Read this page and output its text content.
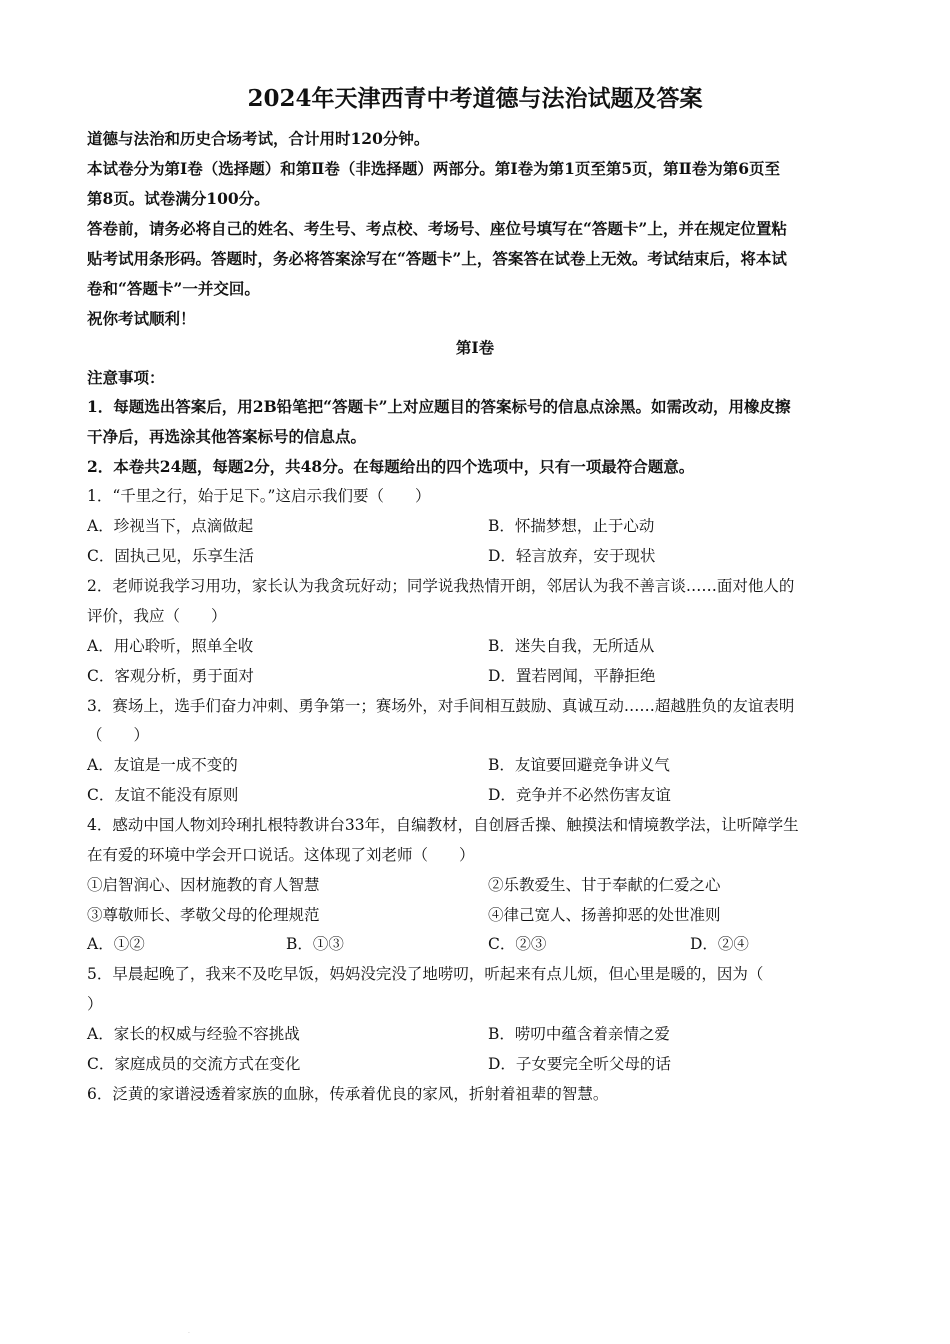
2024年天津西青中考道德与法治试题及答案
道德与法治和历史合场考试，合计用时120分钟。
本试卷分为第Ⅰ卷（选择题）和第Ⅱ卷（非选择题）两部分。第Ⅰ卷为第1页至第5页，第Ⅱ卷为第6页至
第8页。试卷满分100分。
答卷前，请务必将自己的姓名、考生号、考点校、考场号、座位号填写在“答题卡”上，并在规定位置粘
贴考试用条形码。答题时，务必将答案涂写在“答题卡”上，答案答在试卷上无效。考试结束后，将本试
卷和“答题卡”一并交回。
祝你考试顺利！
第Ⅰ卷
注意事项：
1．每题选出答案后，用2B铅笔把“答题卡”上对应题目的答案标号的信息点涂黑。如需改动，用橡皮擦
干净后，再选涂其他答案标号的信息点。
2．本卷共24题，每题2分，共48分。在每题给出的四个选项中，只有一项最符合题意。
1．“千里之行，始于足下。”这启示我们要（　　）
A．珍视当下，点滴做起	B．怀揣梦想，止于心动
C．固执己见，乐享生活	D．轻言放弃，安于现状
2．老师说我学习用功，家长认为我贪玩好动；同学说我热情开朗，邻居认为我不善言谈……面对他人的
评价，我应（　　）
A．用心聆听，照单全收	B．迷失自我，无所适从
C．客观分析，勇于面对	D．置若罔闻，平静拒绝
3．赛场上，选手们奋力冲刺、勇争第一；赛场外，对手间相互鼓励、真诚互动……超越胜负的友谊表明
（　　）
A．友谊是一成不变的	B．友谊要回避竞争讲义气
C．友谊不能没有原则	D．竞争并不必然伤害友谊
4．感动中国人物刘玲琍扎根特教讲台33年，自编教材，自创唇舌操、触摸法和情境教学法，让听障学生
在有爱的环境中学会开口说话。这体现了刘老师（　　）
①启智润心、因材施教的育人智慧	②乐教爱生、甘于奉献的仁爱之心
③尊敬师长、孝敬父母的伦理规范	④律己宽人、扬善抑恶的处世准则
A．①②	B．①③	C．②③	D．②④
5．早晨起晚了，我来不及吃早饭，妈妈没完没了地唠叨，听起来有点儿烦，但心里是暖的，因为（
）
A．家长的权威与经验不容挑战	B．唠叨中蕴含着亲情之爱
C．家庭成员的交流方式在变化	D．子女要完全听父母的话
6．泛黄的家谱浸透着家族的血脉，传承着优良的家风，折射着祖辈的智慧。
·
